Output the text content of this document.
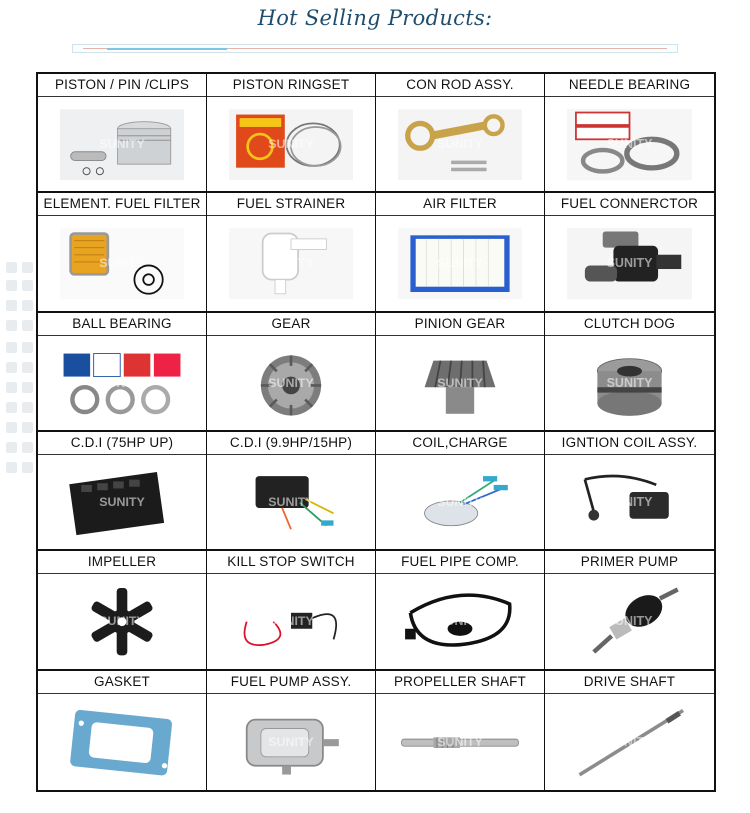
Hot Selling Products:
PISTON / PIN /CLIPS
SUNITY
PISTON RINGSET
SUNITY
CON ROD ASSY.
SUNITY
NEEDLE BEARING
SUNITY
ELEMENT. FUEL FILTER
SUNITY
FUEL STRAINER
SUNITY
AIR FILTER
SUNITY
FUEL CONNERCTOR
SUNITY
BALL BEARING
SUNITY
GEAR
SUNITY
PINION GEAR
SUNITY
CLUTCH DOG
SUNITY
C.D.I (75HP UP)
SUNITY
C.D.I (9.9HP/15HP)
SUNITY
COIL,CHARGE
SUNITY
IGNTION COIL ASSY.
SUNITY
IMPELLER
SUNITY
KILL STOP SWITCH
SUNITY
FUEL PIPE COMP.
SUNITY
PRIMER PUMP
SUNITY
GASKET
SUNITY
FUEL PUMP ASSY.
SUNITY
PROPELLER SHAFT
SUNITY
DRIVE SHAFT
SUNITY
